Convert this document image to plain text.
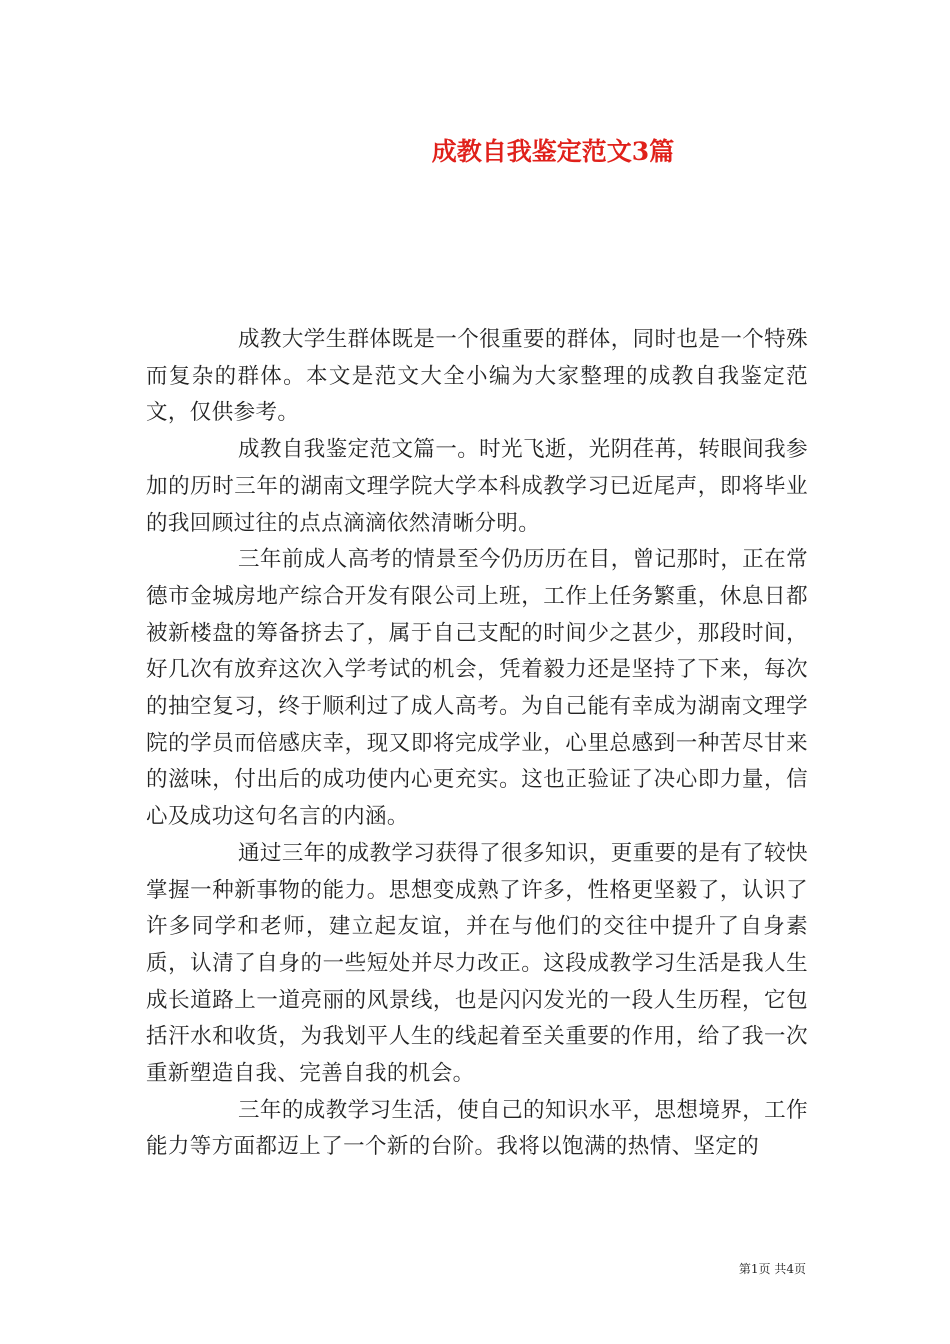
成教自我鉴定范文3篇

成教大学生群体既是一个很重要的群体，同时也是一个特殊而复杂的群体。本文是范文大全小编为大家整理的成教自我鉴定范文，仅供参考。

成教自我鉴定范文篇一。时光飞逝，光阴荏苒，转眼间我参加的历时三年的湖南文理学院大学本科成教学习已近尾声，即将毕业的我回顾过往的点点滴滴依然清晰分明。

三年前成人高考的情景至今仍历历在目，曾记那时，正在常德市金城房地产综合开发有限公司上班，工作上任务繁重，休息日都被新楼盘的筹备挤去了，属于自己支配的时间少之甚少，那段时间，好几次有放弃这次入学考试的机会，凭着毅力还是坚持了下来，每次的抽空复习，终于顺利过了成人高考。为自己能有幸成为湖南文理学院的学员而倍感庆幸，现又即将完成学业，心里总感到一种苦尽甘来的滋味，付出后的成功使内心更充实。这也正验证了决心即力量，信心及成功这句名言的内涵。

通过三年的成教学习获得了很多知识，更重要的是有了较快掌握一种新事物的能力。思想变成熟了许多，性格更坚毅了，认识了许多同学和老师，建立起友谊，并在与他们的交往中提升了自身素质，认清了自身的一些短处并尽力改正。这段成教学习生活是我人生成长道路上一道亮丽的风景线，也是闪闪发光的一段人生历程，它包括汗水和收货，为我划平人生的线起着至关重要的作用，给了我一次重新塑造自我、完善自我的机会。

三年的成教学习生活，使自己的知识水平，思想境界，工作能力等方面都迈上了一个新的台阶。我将以饱满的热情、坚定的

第1页 共4页
